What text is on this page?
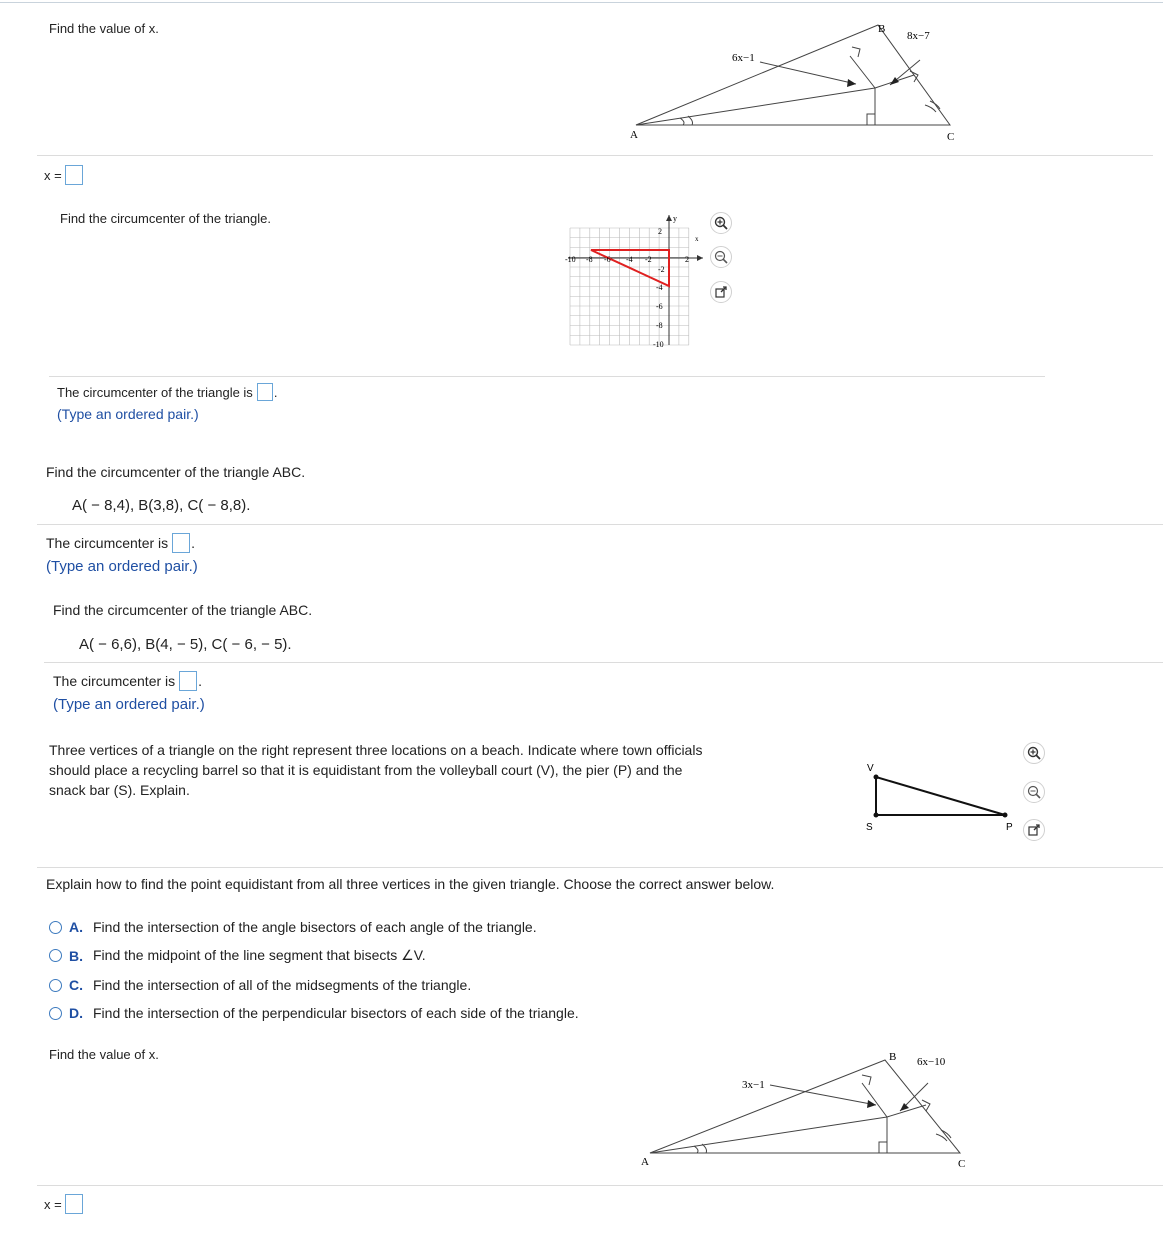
Find the value of x.
6x−1
8x−7
A
B
C
x =
Find the circumcenter of the triangle.	y
x
2
-10 -8 -6 -4 -2	2
-2
-4
-6
-8
-10
The circumcenter of the triangle is .
(Type an ordered pair.)
Find the circumcenter of the triangle ABC.
A( − 8,4), B(3,8), C( − 8,8).
The circumcenter is .
(Type an ordered pair.)
Find the circumcenter of the triangle ABC.
A( − 6,6), B(4, − 5), C( − 6, − 5).
The circumcenter is .
(Type an ordered pair.)
Three vertices of a triangle on the right represent three locations on a beach. Indicate where town officials
should place a recycling barrel so that it is equidistant from the volleyball court (V), the pier (P) and the
snack bar (S). Explain.
V
S	P
Explain how to find the point equidistant from all three vertices in the given triangle. Choose the correct answer below.
A. Find the intersection of the angle bisectors of each angle of the triangle.
B. Find the midpoint of the line segment that bisects ∠V.
C. Find the intersection of all of the midsegments of the triangle.
D. Find the intersection of the perpendicular bisectors of each side of the triangle.
Find the value of x.
3x−1
6x−10
A
B
C
x =
